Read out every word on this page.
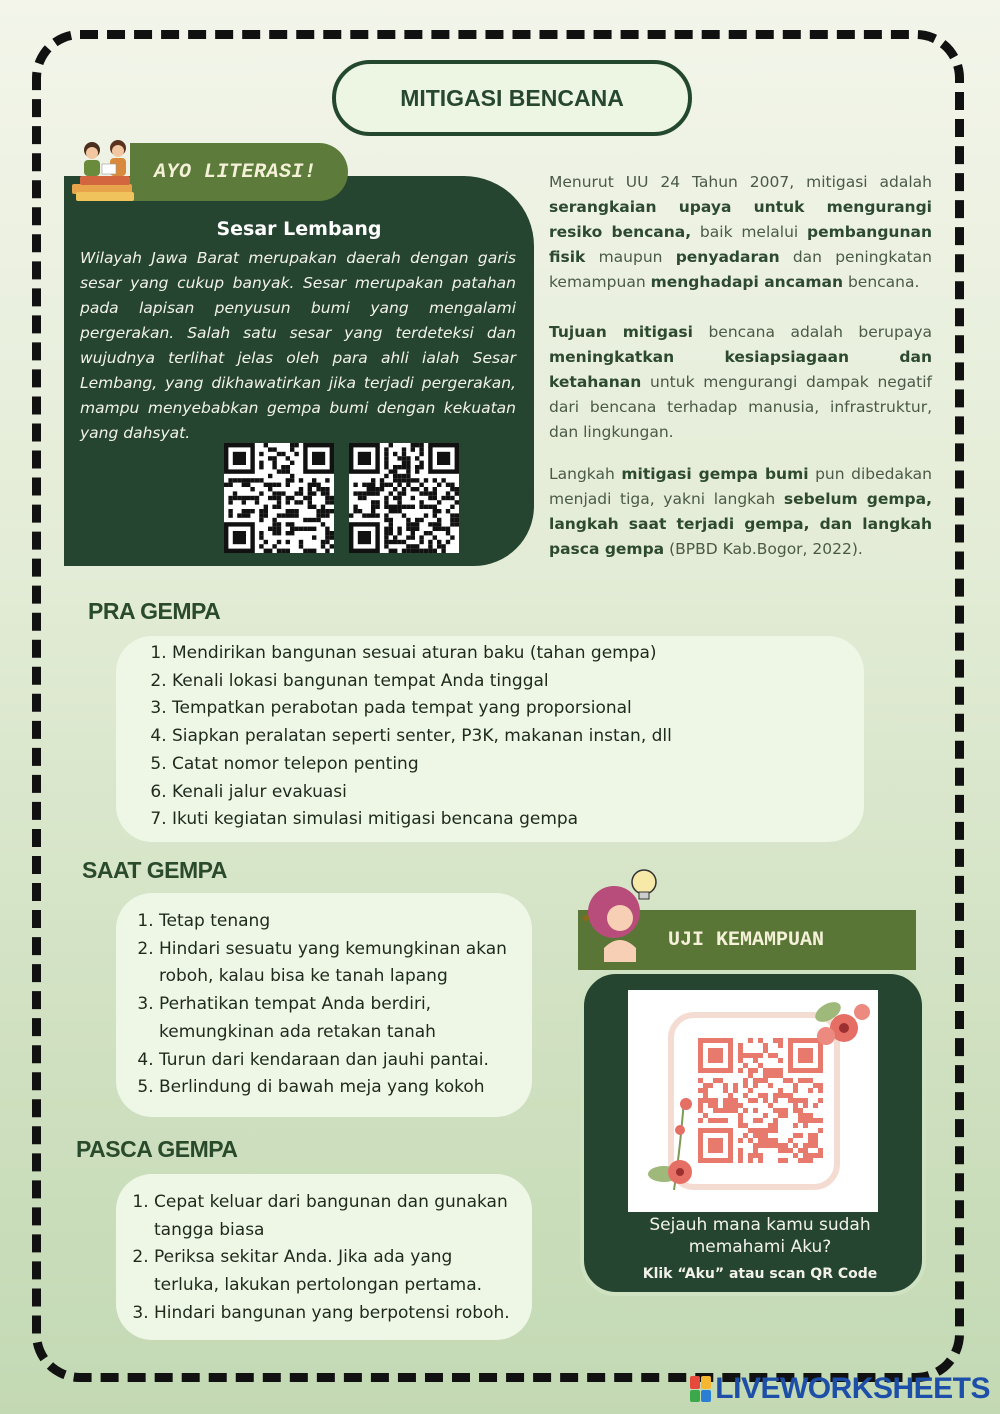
MITIGASI BENCANA
AYO LITERASI!
Sesar Lembang
Wilayah Jawa Barat merupakan daerah dengan garis sesar yang cukup banyak. Sesar merupakan patahan pada lapisan penyusun bumi yang mengalami pergerakan. Salah satu sesar yang terdeteksi dan wujudnya terlihat jelas oleh para ahli ialah Sesar Lembang, yang dikhawatirkan jika terjadi pergerakan, mampu menyebabkan gempa bumi dengan kekuatan yang dahsyat.
Menurut UU 24 Tahun 2007, mitigasi adalah serangkaian upaya untuk mengurangi resiko bencana, baik melalui pembangunan fisik maupun penyadaran dan peningkatan kemampuan menghadapi ancaman bencana.
Tujuan mitigasi bencana adalah berupaya meningkatkan kesiapsiagaan dan ketahanan untuk mengurangi dampak negatif dari bencana terhadap manusia, infrastruktur, dan lingkungan.
Langkah mitigasi gempa bumi pun dibedakan menjadi tiga, yakni langkah sebelum gempa, langkah saat terjadi gempa, dan langkah pasca gempa (BPBD Kab.Bogor, 2022).
PRA GEMPA
1. Mendirikan bangunan sesuai aturan baku (tahan gempa)
2. Kenali lokasi bangunan tempat Anda tinggal
3. Tempatkan perabotan pada tempat yang proporsional
4. Siapkan peralatan seperti senter, P3K, makanan instan, dll
5. Catat nomor telepon penting
6. Kenali jalur evakuasi
7. Ikuti kegiatan simulasi mitigasi bencana gempa
SAAT GEMPA
1. Tetap tenang
2. Hindari sesuatu yang kemungkinan akan roboh, kalau bisa ke tanah lapang
3. Perhatikan tempat Anda berdiri, kemungkinan ada retakan tanah
4. Turun dari kendaraan dan jauhi pantai.
5. Berlindung di bawah meja yang kokoh
PASCA GEMPA
1. Cepat keluar dari bangunan dan gunakan tangga biasa
2. Periksa sekitar Anda. Jika ada yang terluka, lakukan pertolongan pertama.
3. Hindari bangunan yang berpotensi roboh.
UJI KEMAMPUAN
Sejauh mana kamu sudah memahami Aku?
Klik “Aku” atau scan QR Code
LIVEWORKSHEETS
